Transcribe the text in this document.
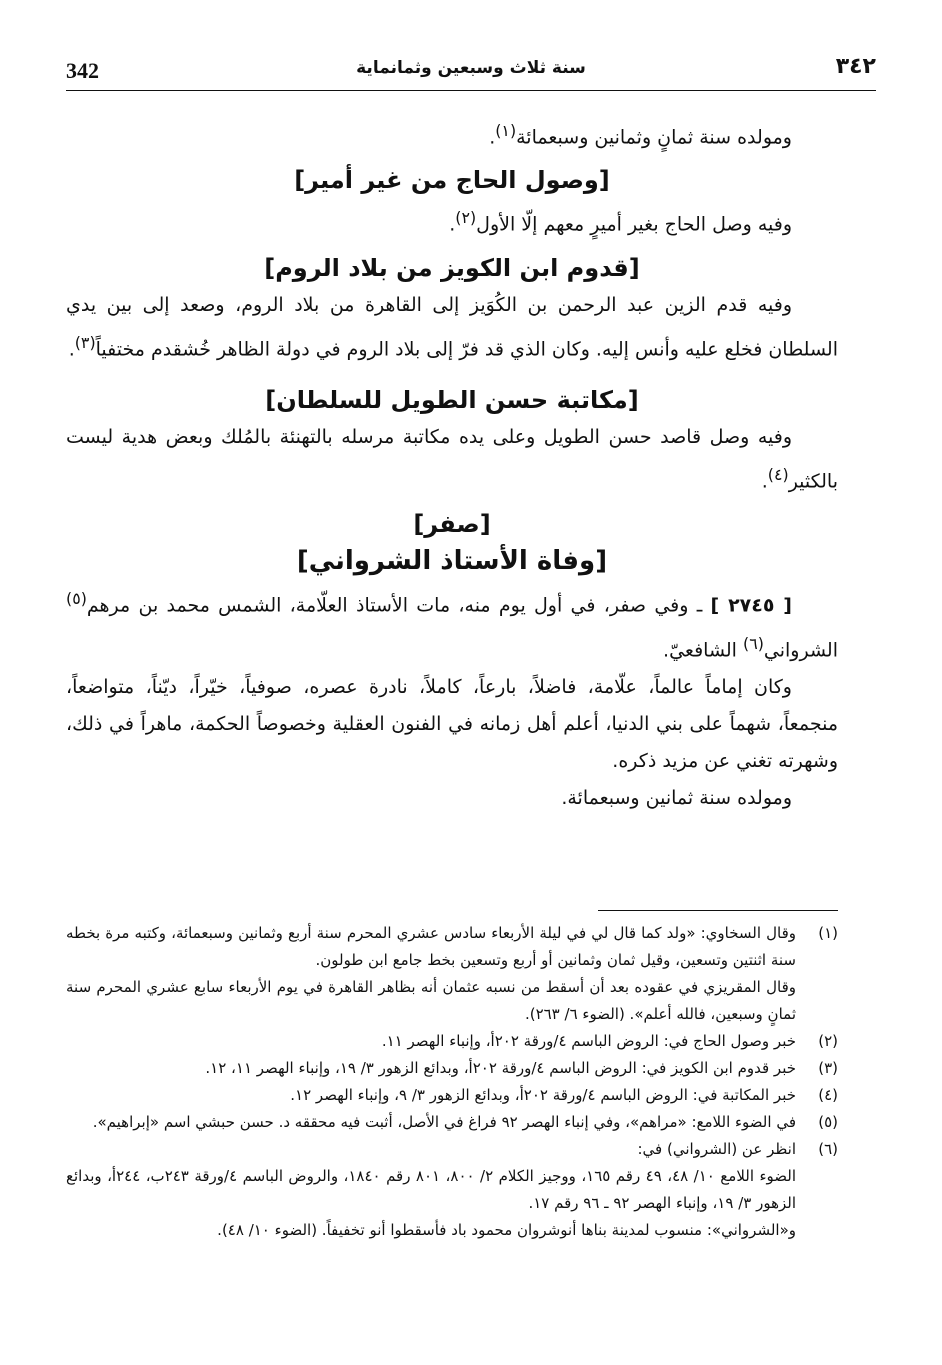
342	سنة ثلاث وسبعين وثمانماية	٣٤٢

ومولده سنة ثمانٍ وثمانين وسبعمائة$^{(١)}$.

[وصول الحاج من غير أمير]

وفيه وصل الحاج بغير أميرٍ معهم إلّا الأول$^{(٢)}$.

[قدوم ابن الكويز من بلاد الروم]

وفيه قدم الزين عبد الرحمن بن الكُوَيز إلى القاهرة من بلاد الروم، وصعد إلى بين يدي السلطان فخلع عليه وأنس إليه. وكان الذي قد فرّ إلى بلاد الروم في دولة الظاهر خُشقدم مختفياً$^{(٣)}$.

[مكاتبة حسن الطويل للسلطان]

وفيه وصل قاصد حسن الطويل وعلى يده مكاتبة مرسله بالتهنئة بالمُلك وبعض هدية ليست بالكثير$^{(٤)}$.

[صفر]
[وفاة الأستاذ الشرواني]

[ ٢٧٤٥ ] ـ وفي صفر، في أول يوم منه، مات الأستاذ العلّامة، الشمس محمد بن مرهم$^{(٥)}$ الشرواني$^{(٦)}$ الشافعيّ.

وكان إماماً عالماً، علّامة، فاضلاً، بارعاً، كاملاً، نادرة عصره، صوفياً، خيّراً، ديّناً، متواضعاً، منجمعاً، شهماً على بني الدنيا، أعلم أهل زمانه في الفنون العقلية وخصوصاً الحكمة، ماهراً في ذلك، وشهرته تغني عن مزيد ذكره.

ومولده سنة ثمانين وسبعمائة.

(١)
وقال السخاوي: «ولد كما قال لي في ليلة الأربعاء سادس عشري المحرم سنة أربع وثمانين وسبعمائة، وكتبه مرة بخطه سنة اثنتين وتسعين، وقيل ثمان وثمانين أو أربع وتسعين بخط جامع ابن طولون.
وقال المقريزي في عقوده بعد أن أسقط من نسبه عثمان أنه بظاهر القاهرة في يوم الأربعاء سابع عشري المحرم سنة ثمانٍ وسبعين، فالله أعلم». (الضوء ٦/ ٢٦٣).
(٢)
خبر وصول الحاج في: الروض الباسم ٤/ورقة ٢٠٢أ، وإنباء الهصر ١١.
(٣)
خبر قدوم ابن الكويز في: الروض الباسم ٤/ورقة ٢٠٢أ، وبدائع الزهور ٣/ ١٩، وإنباء الهصر ١١، ١٢.
(٤)
خبر المكاتبة في: الروض الباسم ٤/ورقة ٢٠٢أ، وبدائع الزهور ٣/ ٩، وإنباء الهصر ١٢.
(٥)
في الضوء اللامع: «مراهم»، وفي إنباء الهصر ٩٢ فراغ في الأصل، أثبت فيه محققه د. حسن حبشي اسم «إبراهيم».
(٦)
انظر عن (الشرواني) في:
الضوء اللامع ١٠/ ٤٨، ٤٩ رقم ١٦٥، ووجيز الكلام ٢/ ٨٠٠، ٨٠١ رقم ١٨٤٠، والروض الباسم ٤/ورقة ٢٤٣ب، ٢٤٤أ، وبدائع الزهور ٣/ ١٩، وإنباء الهصر ٩٢ ـ ٩٦ رقم ١٧.
و«الشرواني»: منسوب لمدينة بناها أنوشروان محمود باد فأسقطوا أنو تخفيفاً. (الضوء ١٠/ ٤٨).
